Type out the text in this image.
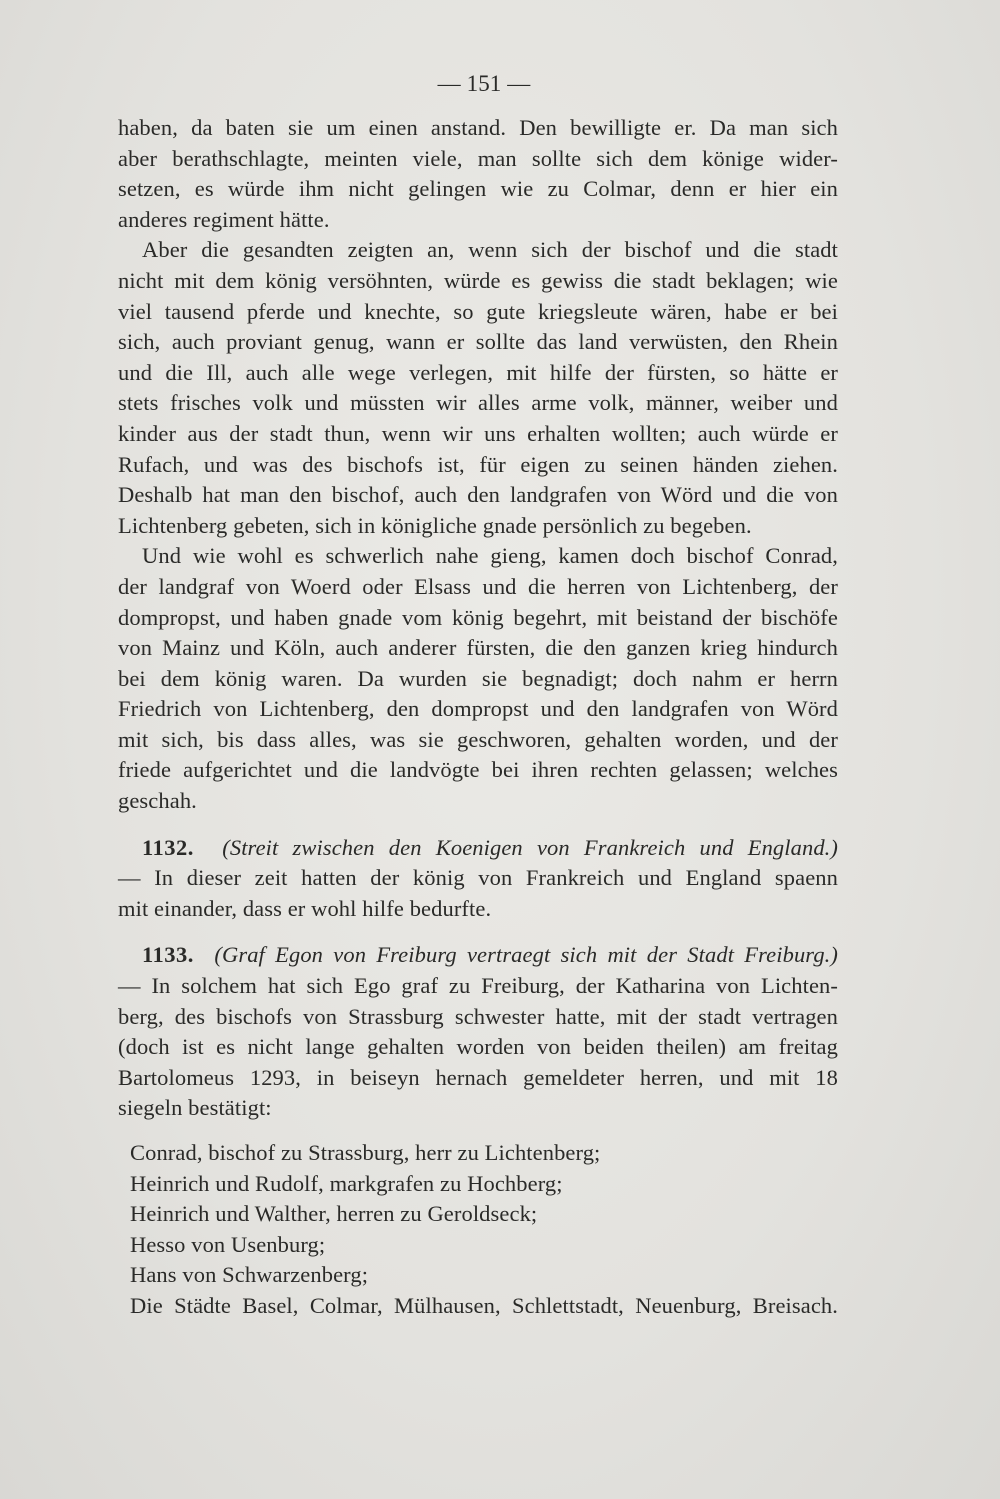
— 151 —

haben, da baten sie um einen anstand. Den bewilligte er. Da man sich
aber berathschlagte, meinten viele, man sollte sich dem könige wider-
setzen, es würde ihm nicht gelingen wie zu Colmar, denn er hier ein
anderes regiment hätte.

Aber die gesandten zeigten an, wenn sich der bischof und die stadt
nicht mit dem könig versöhnten, würde es gewiss die stadt beklagen; wie
viel tausend pferde und knechte, so gute kriegsleute wären, habe er bei
sich, auch proviant genug, wann er sollte das land verwüsten, den Rhein
und die Ill, auch alle wege verlegen, mit hilfe der fürsten, so hätte er
stets frisches volk und müssten wir alles arme volk, männer, weiber und
kinder aus der stadt thun, wenn wir uns erhalten wollten; auch würde er
Rufach, und was des bischofs ist, für eigen zu seinen händen ziehen.
Deshalb hat man den bischof, auch den landgrafen von Wörd und die von
Lichtenberg gebeten, sich in königliche gnade persönlich zu begeben.

Und wie wohl es schwerlich nahe gieng, kamen doch bischof Conrad,
der landgraf von Woerd oder Elsass und die herren von Lichtenberg, der
dompropst, und haben gnade vom könig begehrt, mit beistand der bischöfe
von Mainz und Köln, auch anderer fürsten, die den ganzen krieg hindurch
bei dem könig waren. Da wurden sie begnadigt; doch nahm er herrn
Friedrich von Lichtenberg, den dompropst und den landgrafen von Wörd
mit sich, bis dass alles, was sie geschworen, gehalten worden, und der
friede aufgerichtet und die landvögte bei ihren rechten gelassen; welches
geschah.

1132. (Streit zwischen den Koenigen von Frankreich und England.)
— In dieser zeit hatten der könig von Frankreich und England spaenn
mit einander, dass er wohl hilfe bedurfte.
1133. (Graf Egon von Freiburg vertraegt sich mit der Stadt Freiburg.)
— In solchem hat sich Ego graf zu Freiburg, der Katharina von Lichten-
berg, des bischofs von Strassburg schwester hatte, mit der stadt vertragen
(doch ist es nicht lange gehalten worden von beiden theilen) am freitag
Bartolomeus 1293, in beiseyn hernach gemeldeter herren, und mit 18
siegeln bestätigt:
Conrad, bischof zu Strassburg, herr zu Lichtenberg;
Heinrich und Rudolf, markgrafen zu Hochberg;
Heinrich und Walther, herren zu Geroldseck;
Hesso von Usenburg;
Hans von Schwarzenberg;
Die Städte Basel, Colmar, Mülhausen, Schlettstadt, Neuenburg, Breisach.
